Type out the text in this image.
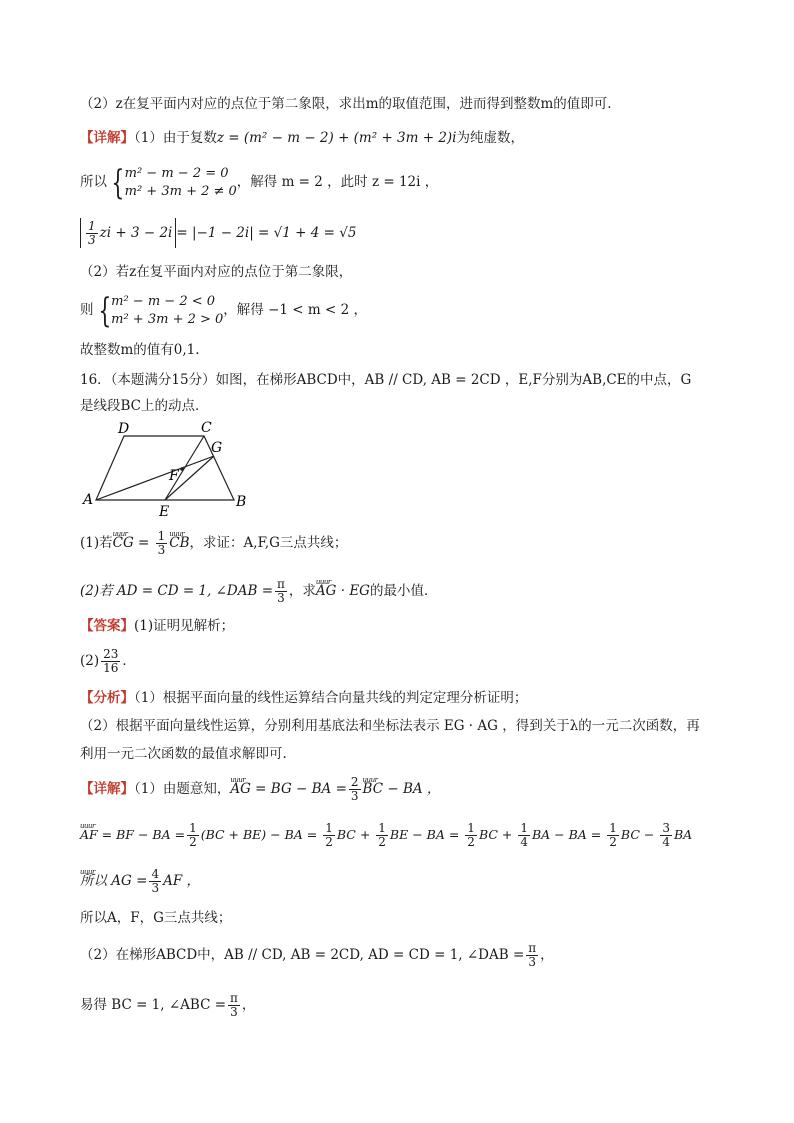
（2）z在复平面内对应的点位于第二象限，求出m的取值范围，进而得到整数m的值即可.
【详解】（1）由于复数z = (m² − m − 2) + (m² + 3m + 2)i为纯虚数，
所以 { m² − m − 2 = 0
m² + 3m + 2 ≠ 0
，解得 m = 2 ，此时 z = 12i ，
$\frac{1}{3}$ zi + 3 − 2i = |−1 − 2i| = √1 + 4 = √5
（2）若z在复平面内对应的点位于第二象限，
则 { m² − m − 2 < 0
m² + 3m + 2 > 0
，解得 −1 < m < 2 ，
故整数m的值有0,1.
16．（本题满分15分）如图，在梯形ABCD中，AB // CD, AB = 2CD ，E,F分别为AB,CE的中点，G
是线段BC上的动点．
A	B
C
D
E
F
G
(1)若uuur CG = $\frac{1}{3}$ uuur CB，求证：A,F,G三点共线；
(2)若 AD = CD = 1, ∠DAB = $\frac{\pi}{3}$ ，求uuur AG · EG的最小值．
【答案】(1)证明见解析；
$(2) \frac{23}{16}$ ．
【分析】（1）根据平面向量的线性运算结合向量共线的判定定理分析证明；
（2）根据平面向量线性运算，分别利用基底法和坐标法表示 EG · AG ，得到关于λ的一元二次函数，再
利用一元二次函数的最值求解即可.
【详解】（1）由题意知，uuur AG = BG − BA = $\frac{2}{3}$ uuur BC − BA ，
uuur AF = BF − BA = $\frac{1}{2} (BC + BE)$ − BA = $\frac{1}{2}$ BC + $\frac{1}{2}$ BE − BA = $\frac{1}{2}$ BC + $\frac{1}{4}$ BA − BA = $\frac{1}{2}$ BC − $\frac{3}{4}$ BA
uuur 所以 AG = $\frac{4}{3}$ AF ，
所以A，F，G三点共线；
（2）在梯形ABCD中，AB // CD, AB = 2CD, AD = CD = 1, ∠DAB = $\frac{\pi}{3}$ ，
易得 BC = 1, ∠ABC = $\frac{\pi}{3}$ ，
